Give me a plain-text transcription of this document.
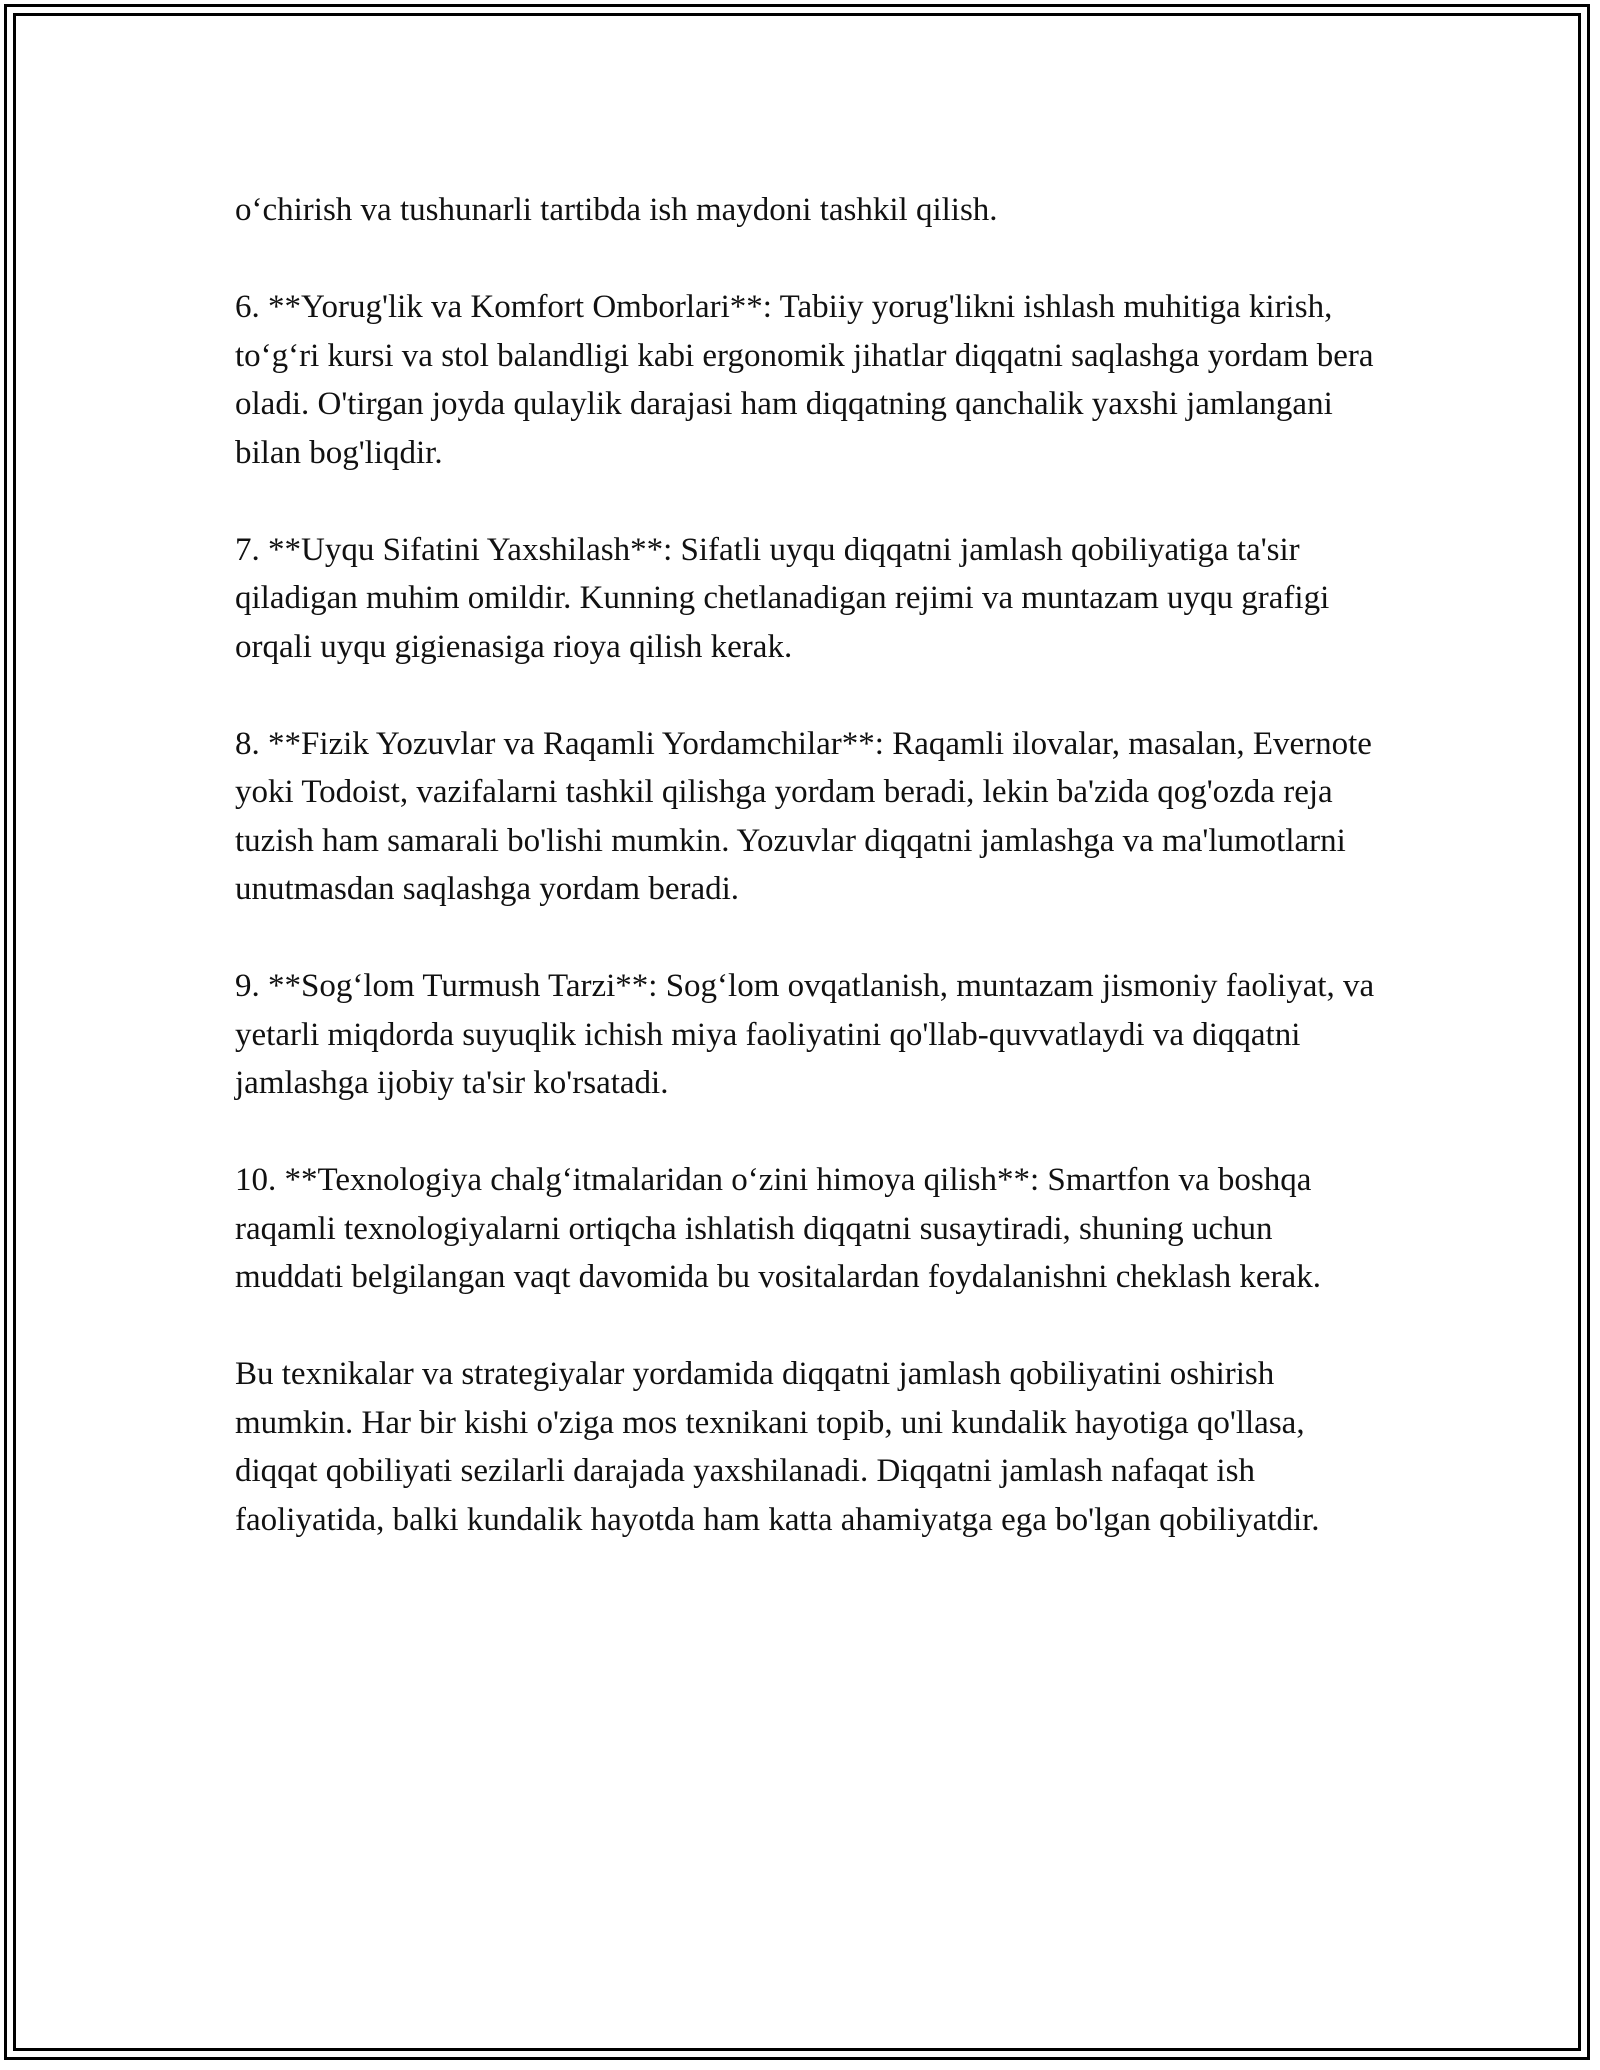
o‘chirish va tushunarli tartibda ish maydoni tashkil qilish.

6. **Yorug'lik va Komfort Omborlari**: Tabiiy yorug'likni ishlash muhitiga kirish, to‘g‘ri kursi va stol balandligi kabi ergonomik jihatlar diqqatni saqlashga yordam bera oladi. O'tirgan joyda qulaylik darajasi ham diqqatning qanchalik yaxshi jamlangani bilan bog'liqdir.

7. **Uyqu Sifatini Yaxshilash**: Sifatli uyqu diqqatni jamlash qobiliyatiga ta'sir qiladigan muhim omildir. Kunning chetlanadigan rejimi va muntazam uyqu grafigi orqali uyqu gigienasiga rioya qilish kerak.

8. **Fizik Yozuvlar va Raqamli Yordamchilar**: Raqamli ilovalar, masalan, Evernote yoki Todoist, vazifalarni tashkil qilishga yordam beradi, lekin ba'zida qog'ozda reja tuzish ham samarali bo'lishi mumkin. Yozuvlar diqqatni jamlashga va ma'lumotlarni unutmasdan saqlashga yordam beradi.

9. **Sog‘lom Turmush Tarzi**: Sog‘lom ovqatlanish, muntazam jismoniy faoliyat, va yetarli miqdorda suyuqlik ichish miya faoliyatini qo'llab-quvvatlaydi va diqqatni jamlashga ijobiy ta'sir ko'rsatadi.

10. **Texnologiya chalg‘itmalaridan o‘zini himoya qilish**: Smartfon va boshqa raqamli texnologiyalarni ortiqcha ishlatish diqqatni susaytiradi, shuning uchun muddati belgilangan vaqt davomida bu vositalardan foydalanishni cheklash kerak.

Bu texnikalar va strategiyalar yordamida diqqatni jamlash qobiliyatini oshirish mumkin. Har bir kishi o'ziga mos texnikani topib, uni kundalik hayotiga qo'llasa, diqqat qobiliyati sezilarli darajada yaxshilanadi. Diqqatni jamlash nafaqat ish faoliyatida, balki kundalik hayotda ham katta ahamiyatga ega bo'lgan qobiliyatdir.
